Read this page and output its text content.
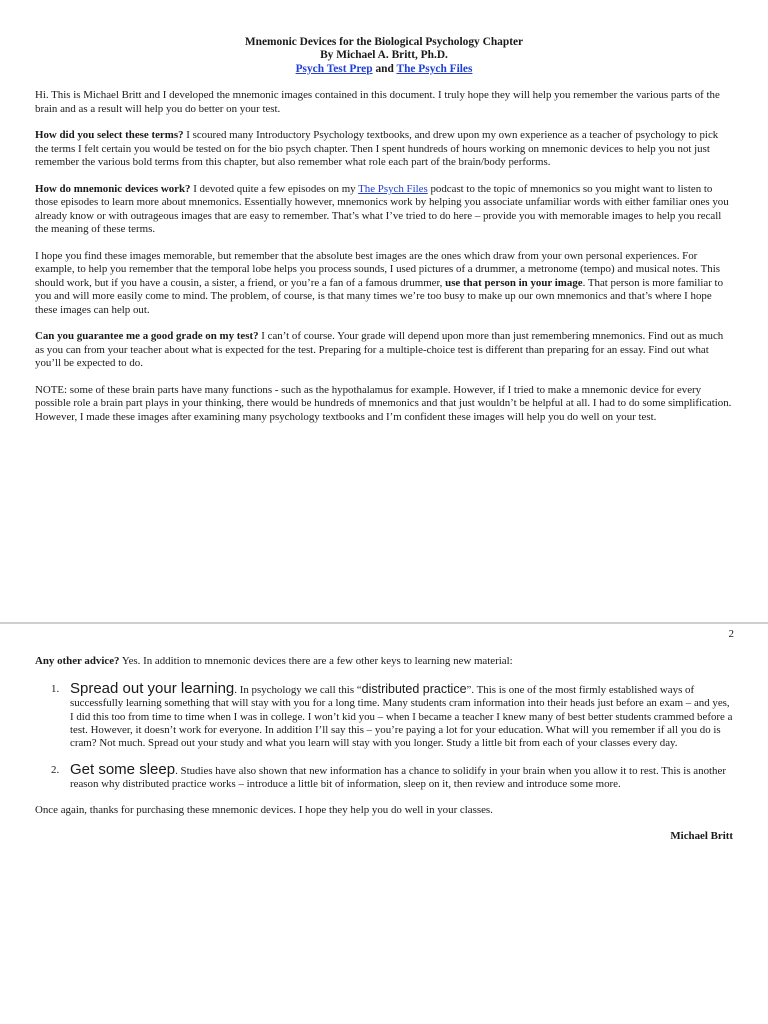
Mnemonic Devices for the Biological Psychology Chapter
By Michael A. Britt, Ph.D.
Psych Test Prep and The Psych Files

Hi. This is Michael Britt and I developed the mnemonic images contained in this document. I truly hope they will help you remember the various parts of the brain and as a result will help you do better on your test.

How did you select these terms? I scoured many Introductory Psychology textbooks, and drew upon my own experience as a teacher of psychology to pick the terms I felt certain you would be tested on for the bio psych chapter. Then I spent hundreds of hours working on mnemonic devices to help you not just remember the various bold terms from this chapter, but also remember what role each part of the brain/body performs.

How do mnemonic devices work? I devoted quite a few episodes on my The Psych Files podcast to the topic of mnemonics so you might want to listen to those episodes to learn more about mnemonics. Essentially however, mnemonics work by helping you associate unfamiliar words with either familiar ones you already know or with outrageous images that are easy to remember. That’s what I’ve tried to do here – provide you with memorable images to help you recall the meaning of these terms.

I hope you find these images memorable, but remember that the absolute best images are the ones which draw from your own personal experiences. For example, to help you remember that the temporal lobe helps you process sounds, I used pictures of a drummer, a metronome (tempo) and musical notes. This should work, but if you have a cousin, a sister, a friend, or you’re a fan of a famous drummer, use that person in your image. That person is more familiar to you and will more easily come to mind. The problem, of course, is that many times we’re too busy to make up our own mnemonics and that’s where I hope these images can help out.

Can you guarantee me a good grade on my test? I can’t of course. Your grade will depend upon more than just remembering mnemonics. Find out as much as you can from your teacher about what is expected for the test. Preparing for a multiple-choice test is different than preparing for an essay. Find out what you’ll be expected to do.

NOTE: some of these brain parts have many functions - such as the hypothalamus for example. However, if I tried to make a mnemonic device for every possible role a brain part plays in your thinking, there would be hundreds of mnemonics and that just wouldn’t be helpful at all. I had to do some simplification. However, I made these images after examining many psychology textbooks and I’m confident these images will help you do well on your test.

2

Any other advice? Yes. In addition to mnemonic devices there are a few other keys to learning new material:

1. Spread out your learning. In psychology we call this “distributed practice”. This is one of the most firmly established ways of successfully learning something that will stay with you for a long time. Many students cram information into their heads just before an exam – and yes, I did this too from time to time when I was in college. I won’t kid you – when I became a teacher I knew many of best better students crammed before a test. However, it doesn’t work for everyone. In addition I’ll say this – you’re paying a lot for your education. What will you remember if all you do is cram? Not much. Spread out your study and what you learn will stay with you longer. Study a little bit from each of your classes every day.
2. Get some sleep. Studies have also shown that new information has a chance to solidify in your brain when you allow it to rest. This is another reason why distributed practice works – introduce a little bit of information, sleep on it, then review and introduce some more.

Once again, thanks for purchasing these mnemonic devices. I hope they help you do well in your classes.

Michael Britt
